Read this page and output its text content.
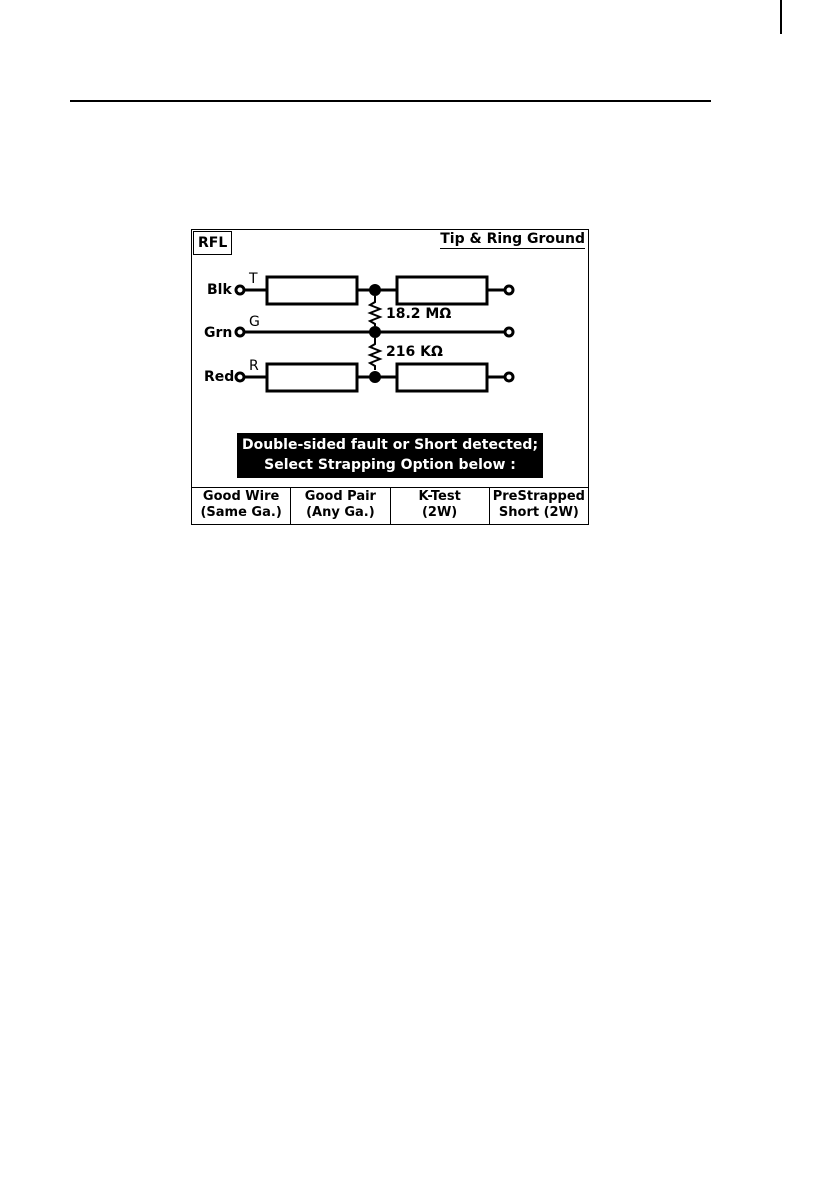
RFL	Tip & Ring Ground
Blk
T
Grn
G
Red
R
18.2 MΩ
216 KΩ
Double-sided fault or Short detected;
Select Strapping Option below :
Good Wire
(Same Ga.)
Good Pair
(Any Ga.)
K-Test
(2W)
PreStrapped
Short (2W)
